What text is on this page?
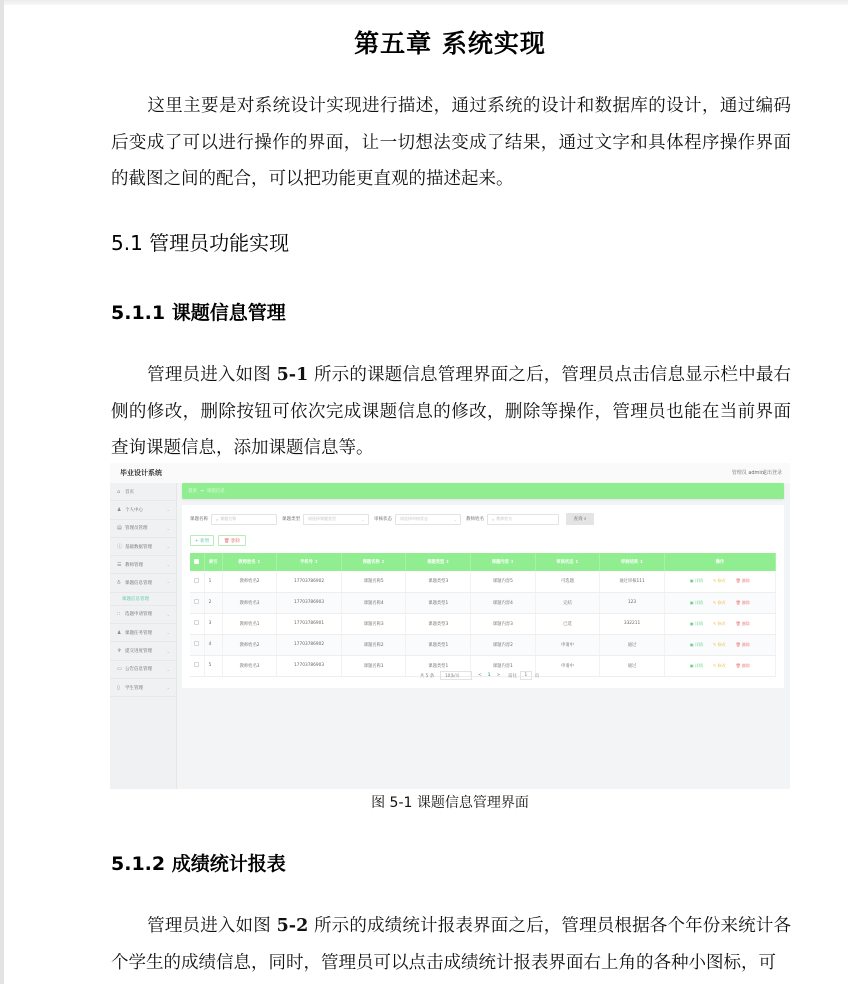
第五章 系统实现

这里主要是对系统设计实现进行描述，通过系统的设计和数据库的设计，通过编码后变成了可以进行操作的界面，让一切想法变成了结果，通过文字和具体程序操作界面的截图之间的配合，可以把功能更直观的描述起来。

5.1 管理员功能实现
5.1.1 课题信息管理

管理员进入如图 5-1 所示的课题信息管理界面之后，管理员点击信息显示栏中最右侧的修改，删除按钮可依次完成课题信息的修改，删除等操作，管理员也能在当前界面查询课题信息，添加课题信息等。

毕业设计系统	管理员 admin
退出登录
⌂	首页
♟ 个人中心	⌄
▤ 管理员管理	⌄
ⓘ 基础数据管理	⌄
☰ 教师管理	⌄
♁ 课题信息管理	⌃
课题信息管理
∷	选题申请管理	⌄
♟ 课题任务管理	⌄
♆ 提交进度管理	⌄
▭ 公告信息管理	⌄
▯	学生管理	⌄
首页 → 课题信息
课题名称 ⌕ 课题名称	课题类型 请选择课题类型	⌄ 审核状态 请选择审核状态	⌄ 教师姓名 ⌕ 教师姓名	查询 ⌕
+ 新增	🗑 删除
	索引	教师姓名 ↕	手机号 ↕	课题名称 ↕	课题类型 ↕	课题内容 ↕	审核状态 ↕	审核结果 ↕	操作
	1	教师姓名2	17703786902	课题名称5	课题类型3	课题内容5	可选题	通过审核111	▣ 详情 ✎ 修改 🗑 删除
	2	教师姓名3	17703786903	课题名称4	课题类型1	课题内容4	完结	123	▣ 详情 ✎ 修改 🗑 删除
	3	教师姓名1	17703786901	课题名称3	课题类型3	课题内容3	已选	332211	▣ 详情 ✎ 修改 🗑 删除
	4	教师姓名2	17703786902	课题名称2	课题类型1	课题内容2	申请中	通过	▣ 详情 ✎ 修改 🗑 删除
	5	教师姓名3	17703786903	课题名称1	课题类型1	课题内容1	申请中	通过	▣ 详情 ✎ 修改 🗑 删除
共 5 条	10条/页	< 1 > 前往 1 页
图 5-1 课题信息管理界面
5.1.2 成绩统计报表

管理员进入如图 5-2 所示的成绩统计报表界面之后，管理员根据各个年份来统计各个学生的成绩信息，同时，管理员可以点击成绩统计报表界面右上角的各种小图标，可
